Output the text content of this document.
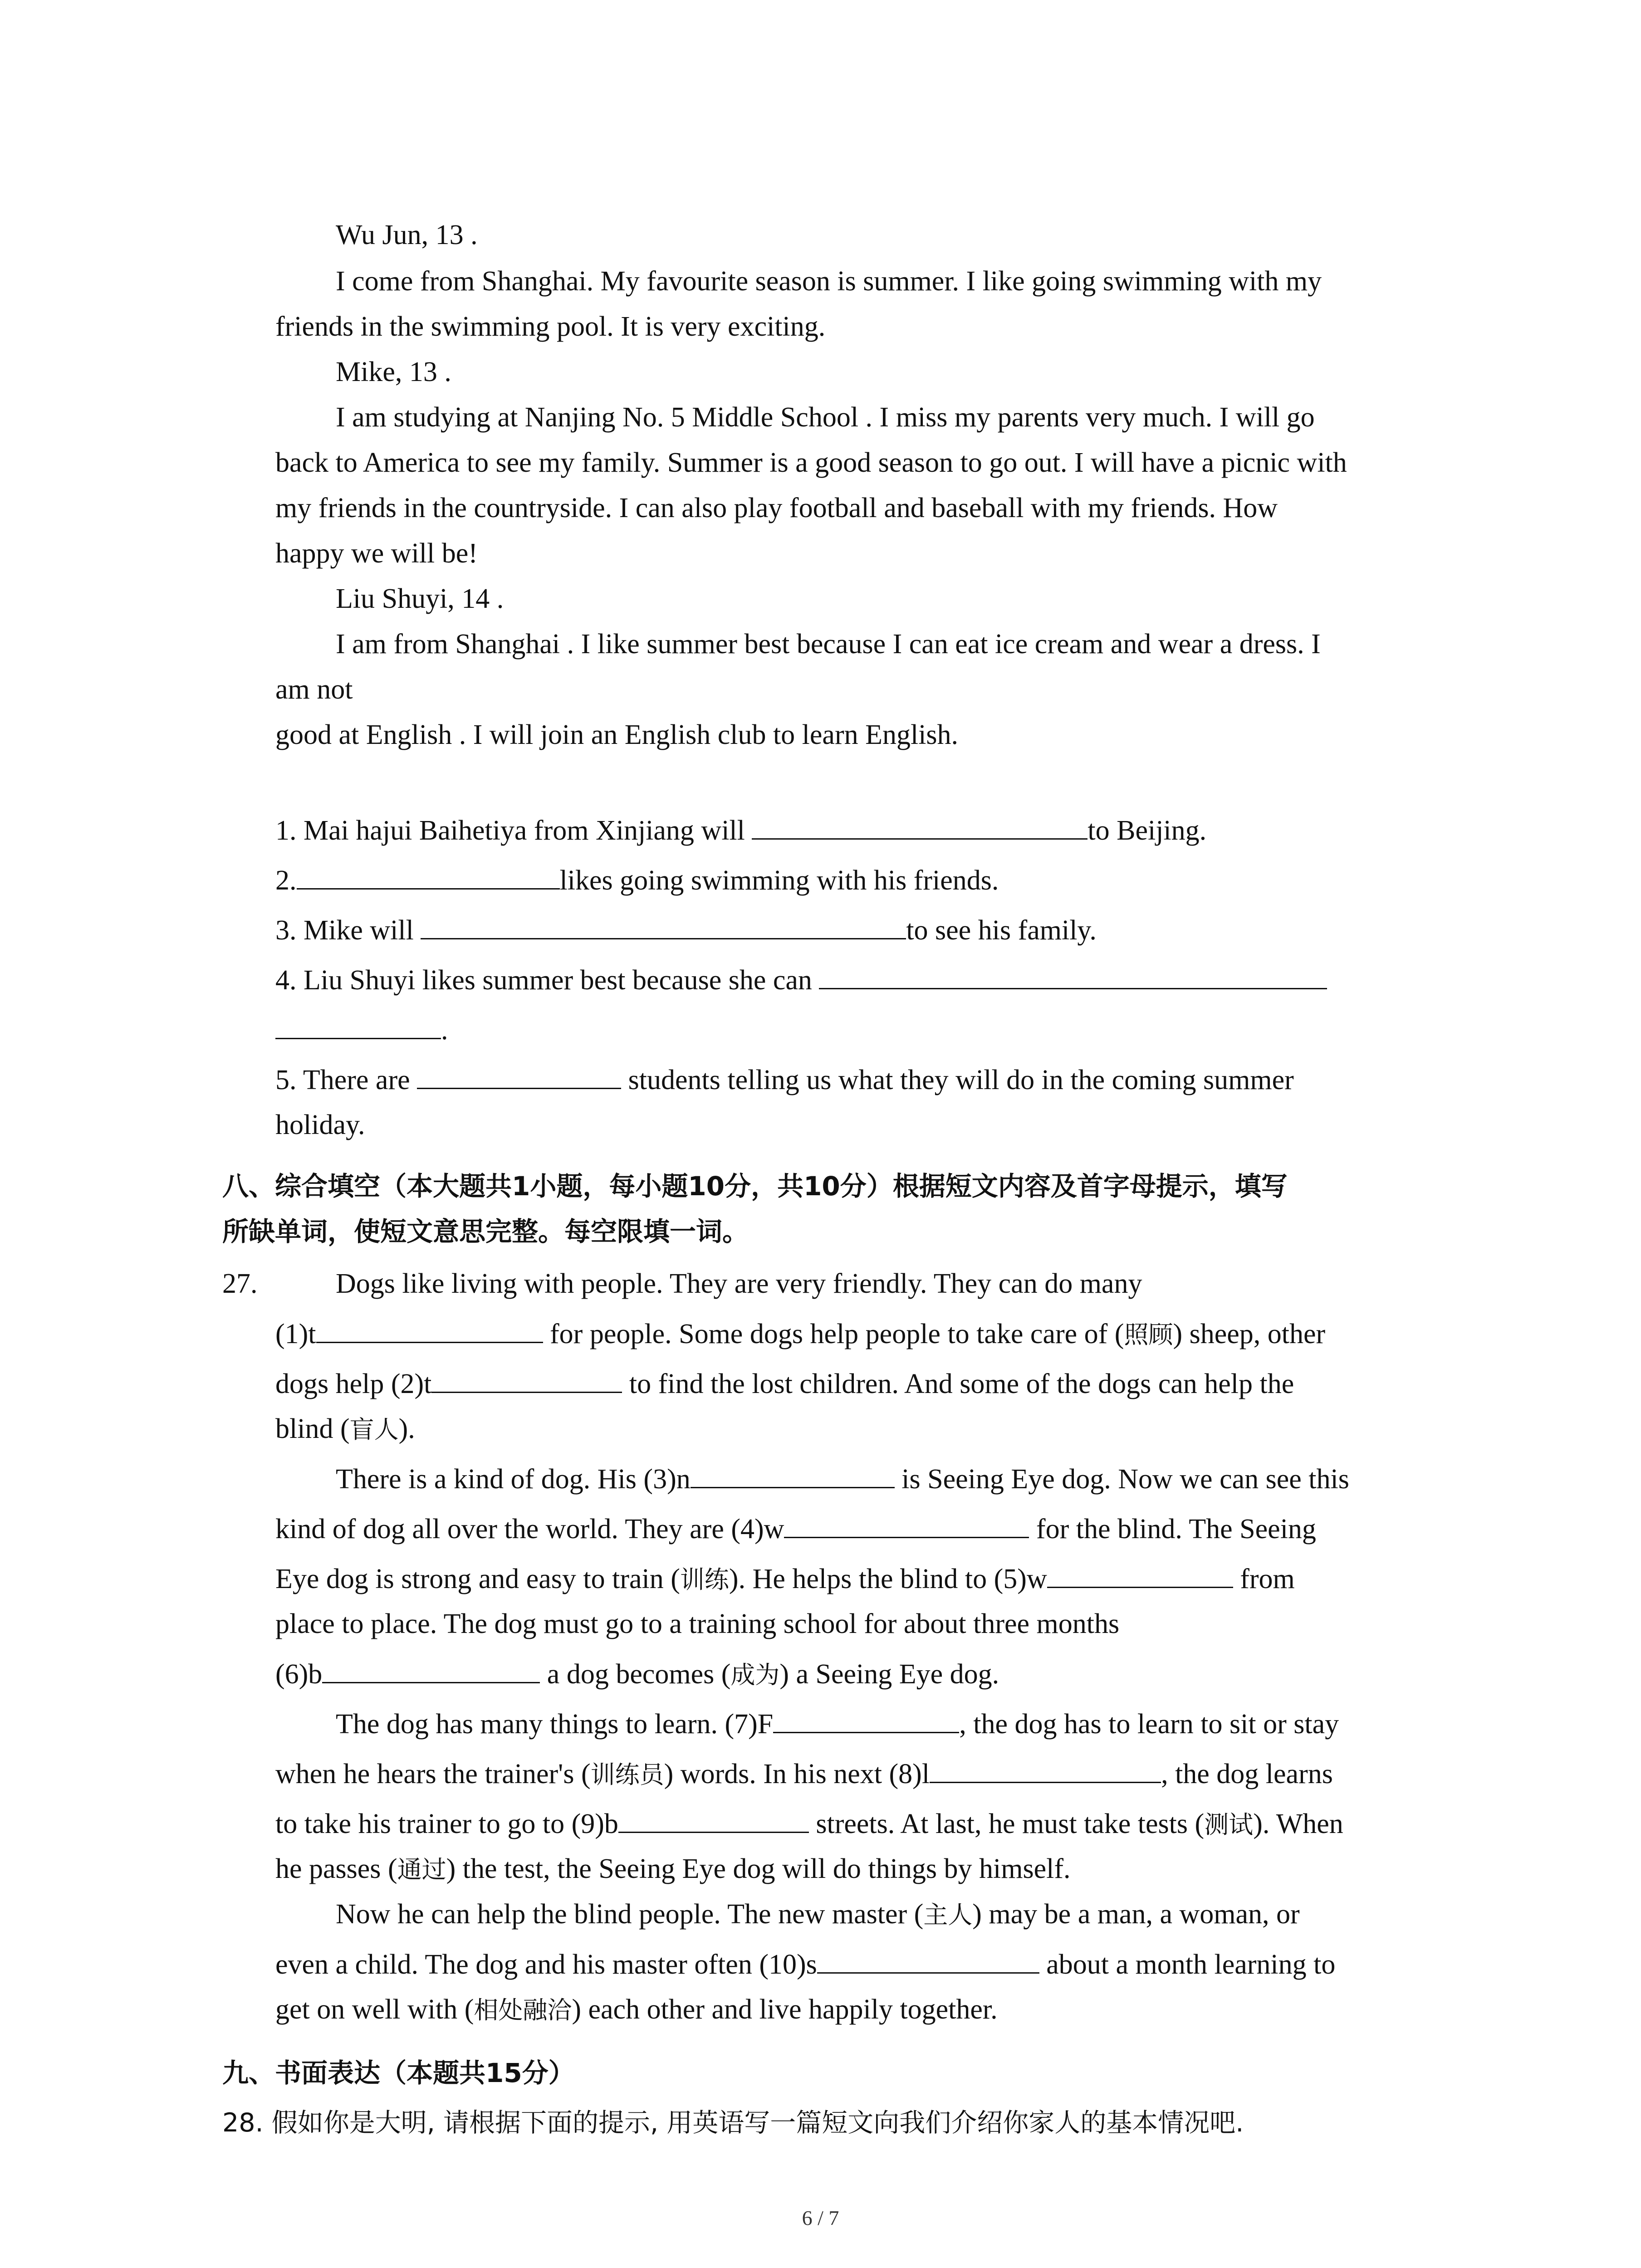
Wu Jun, 13 .
I come from Shanghai. My favourite season is summer. I like going swimming with my
friends in the swimming pool. It is very exciting.
Mike, 13 .
I am studying at Nanjing No. 5 Middle School . I miss my parents very much. I will go
back to America to see my family. Summer is a good season to go out. I will have a picnic with
my friends in the countryside. I can also play football and baseball with my friends. How
happy we will be!
Liu Shuyi, 14 .
I am from Shanghai . I like summer best because I can eat ice cream and wear a dress. I
am not
good at English . I will join an English club to learn English.
1. Mai hajui Baihetiya from Xinjiang will	to Beijing.
2.	likes going swimming with his friends.
3. Mike will	to see his family.
4. Liu Shuyi likes summer best because she can
.
5. There are	students telling us what they will do in the coming summer
holiday.
八、综合填空（本大题共1小题，每小题10分，共10分）根据短文内容及首字母提示，填写
所缺单词，使短文意思完整。每空限填一词。
27.	Dogs like living with people. They are very friendly. They can do many
(1)t	for people. Some dogs help people to take care of (照顾) sheep, other
dogs help (2)t	to find the lost children. And some of the dogs can help the
blind (盲人).
There is a kind of dog. His (3)n	is Seeing Eye dog. Now we can see this
kind of dog all over the world. They are (4)w	for the blind. The Seeing
Eye dog is strong and easy to train (训练). He helps the blind to (5)w	from
place to place. The dog must go to a training school for about three months
(6)b	a dog becomes (成为) a Seeing Eye dog.
The dog has many things to learn. (7)F	, the dog has to learn to sit or stay
when he hears the trainer's (训练员) words. In his next (8)l	, the dog learns
to take his trainer to go to (9)b	streets. At last, he must take tests (测试). When
he passes (通过) the test, the Seeing Eye dog will do things by himself.
Now he can help the blind people. The new master (主人) may be a man, a woman, or
even a child. The dog and his master often (10)s	about a month learning to
get on well with (相处融洽) each other and live happily together.
九、书面表达（本题共15分）
28. 假如你是大明, 请根据下面的提示, 用英语写一篇短文向我们介绍你家人的基本情况吧.
6 / 7
